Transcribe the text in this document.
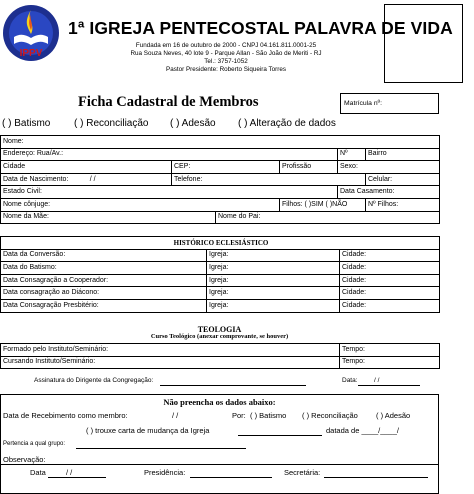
IPPV
1ª IGREJA PENTECOSTAL PALAVRA DE VIDA
Fundada em 16 de outubro de 2000 - CNPJ 04.161.811.0001-25
Rua Souza Neves, 40 lote 9 - Parque Allan - São João de Meriti - RJ
Tel.: 3757-1052
Pastor Presidente: Roberto Siqueira Torres
Ficha Cadastral de Membros	Matrícula nº:
( ) Batismo ( ) Reconciliação ( ) Adesão ( ) Alteração de dados
Nome:					
Endereço: Rua/Av.:				Nº	Bairro
Cidade	CEP:		Profissão	Sexo:	
Data de Nascimento: / /	Telefone:				Celular:
Estado Civil:				Data Casamento:	
Nome cônjuge:			Filhos: ( )SIM ( )NÃO		Nº Filhos:
Nome da Mãe:		Nome do Pai:			
HISTÓRICO ECLESIÁSTICO		
Data da Conversão:	Igreja:	Cidade:
Data do Batismo:	Igreja:	Cidade:
Data Consagração a Cooperador:	Igreja:	Cidade:
Data consagração ao Diácono:	Igreja:	Cidade:
Data Consagração Presbitério:	Igreja:	Cidade:
TEOLOGIA
Curso Teológico (anexar comprovante, se houver)
Formado pelo Instituto/Seminário:	Tempo:
Cursando Instituto/Seminário:	Tempo:
Assinatura do Dirigente da Congregação:	Data:	/ /
Não preencha os dados abaixo:
Data de Recebimento como membro:	/ /	Por: ( ) Batismo ( ) Reconciliação ( ) Adesão
( ) trouxe carta de mudança da Igreja	datada de ____/____/
Pertencia a qual grupo:
Observação:
Data	/ /	Presidência:	Secretária:
